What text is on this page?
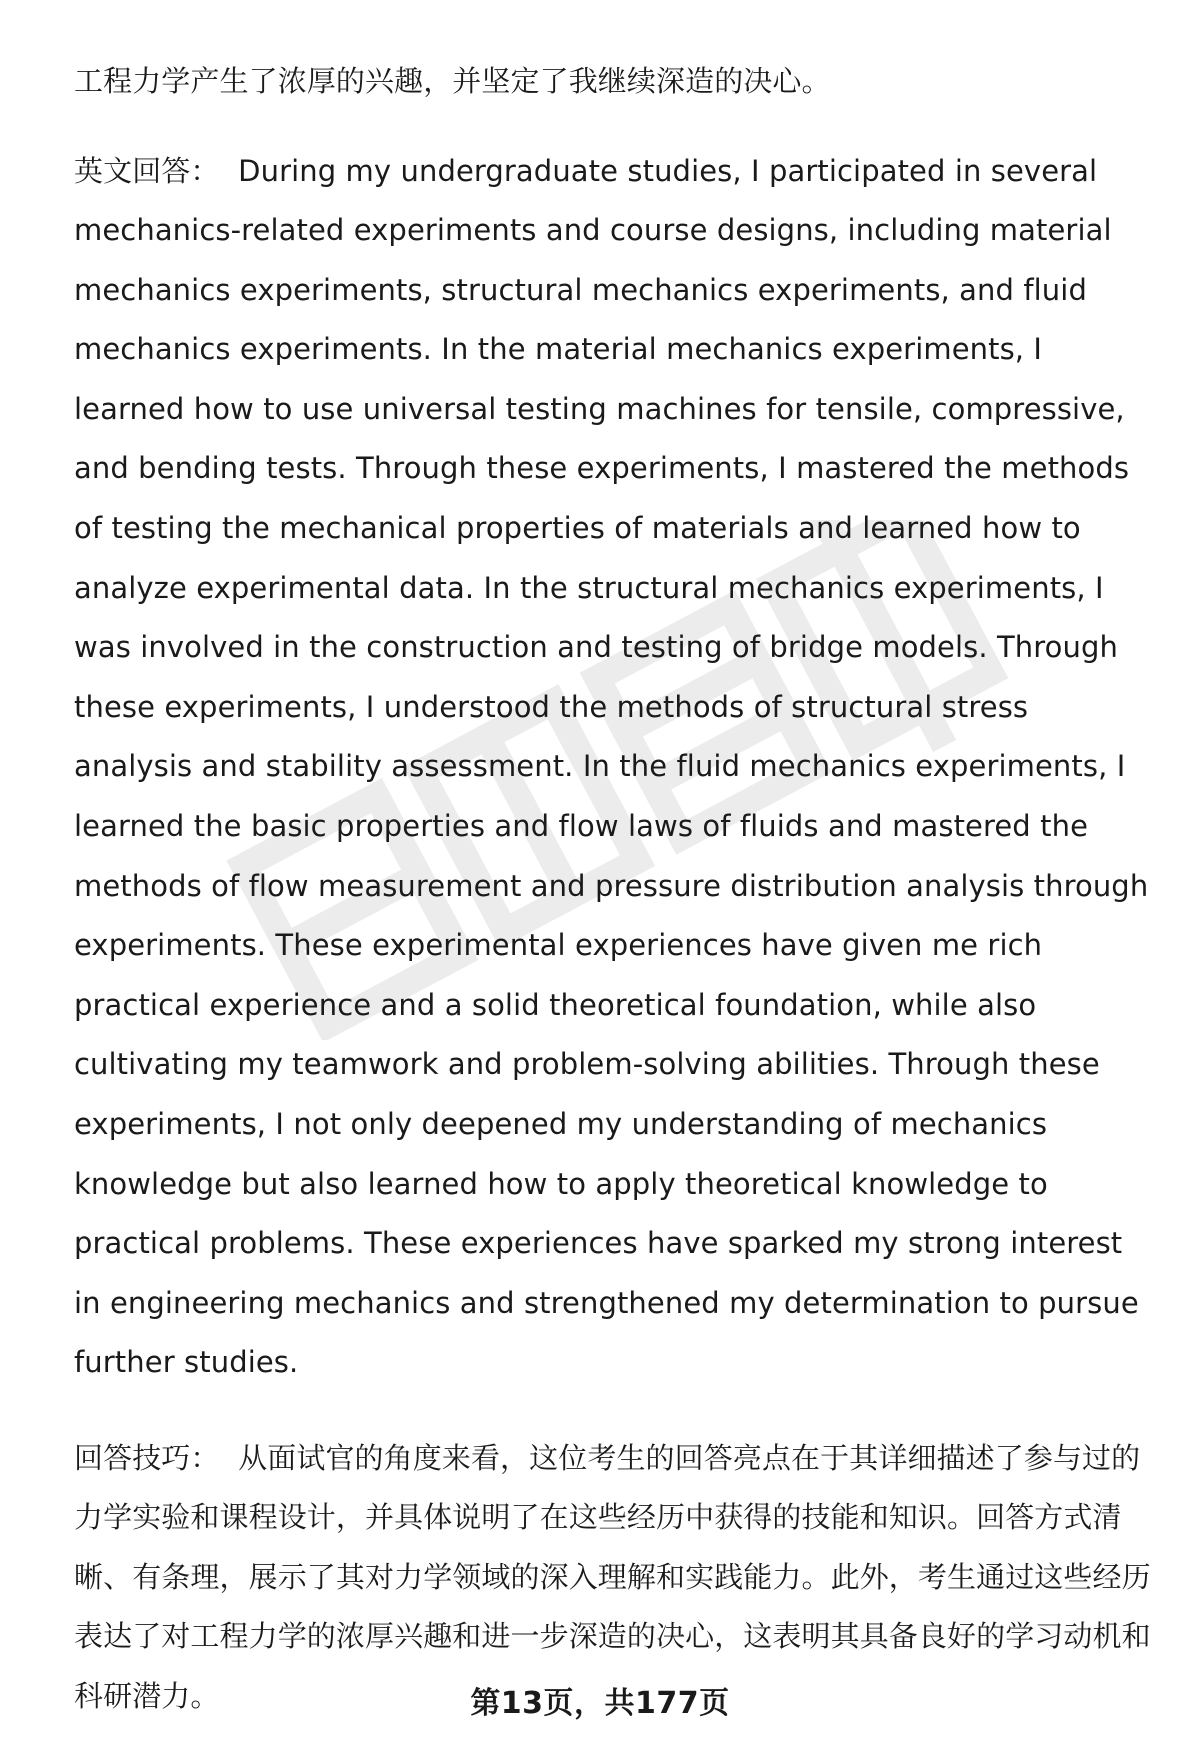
工程力学产生了浓厚的兴趣，并坚定了我继续深造的决心。

英文回答： During my undergraduate studies, I participated in several mechanics-related experiments and course designs, including material mechanics experiments, structural mechanics experiments, and fluid mechanics experiments. In the material mechanics experiments, I learned how to use universal testing machines for tensile, compressive, and bending tests. Through these experiments, I mastered the methods of testing the mechanical properties of materials and learned how to analyze experimental data. In the structural mechanics experiments, I was involved in the construction and testing of bridge models. Through these experiments, I understood the methods of structural stress analysis and stability assessment. In the fluid mechanics experiments, I learned the basic properties and flow laws of fluids and mastered the methods of flow measurement and pressure distribution analysis through experiments. These experimental experiences have given me rich practical experience and a solid theoretical foundation, while also cultivating my teamwork and problem-solving abilities. Through these experiments, I not only deepened my understanding of mechanics knowledge but also learned how to apply theoretical knowledge to practical problems. These experiences have sparked my strong interest in engineering mechanics and strengthened my determination to pursue further studies.

回答技巧： 从面试官的角度来看，这位考生的回答亮点在于其详细描述了参与过的力学实验和课程设计，并具体说明了在这些经历中获得的技能和知识。回答方式清晰、有条理，展示了其对力学领域的深入理解和实践能力。此外，考生通过这些经历表达了对工程力学的浓厚兴趣和进一步深造的决心，这表明其具备良好的学习动机和科研潜力。	第13页，共177页
